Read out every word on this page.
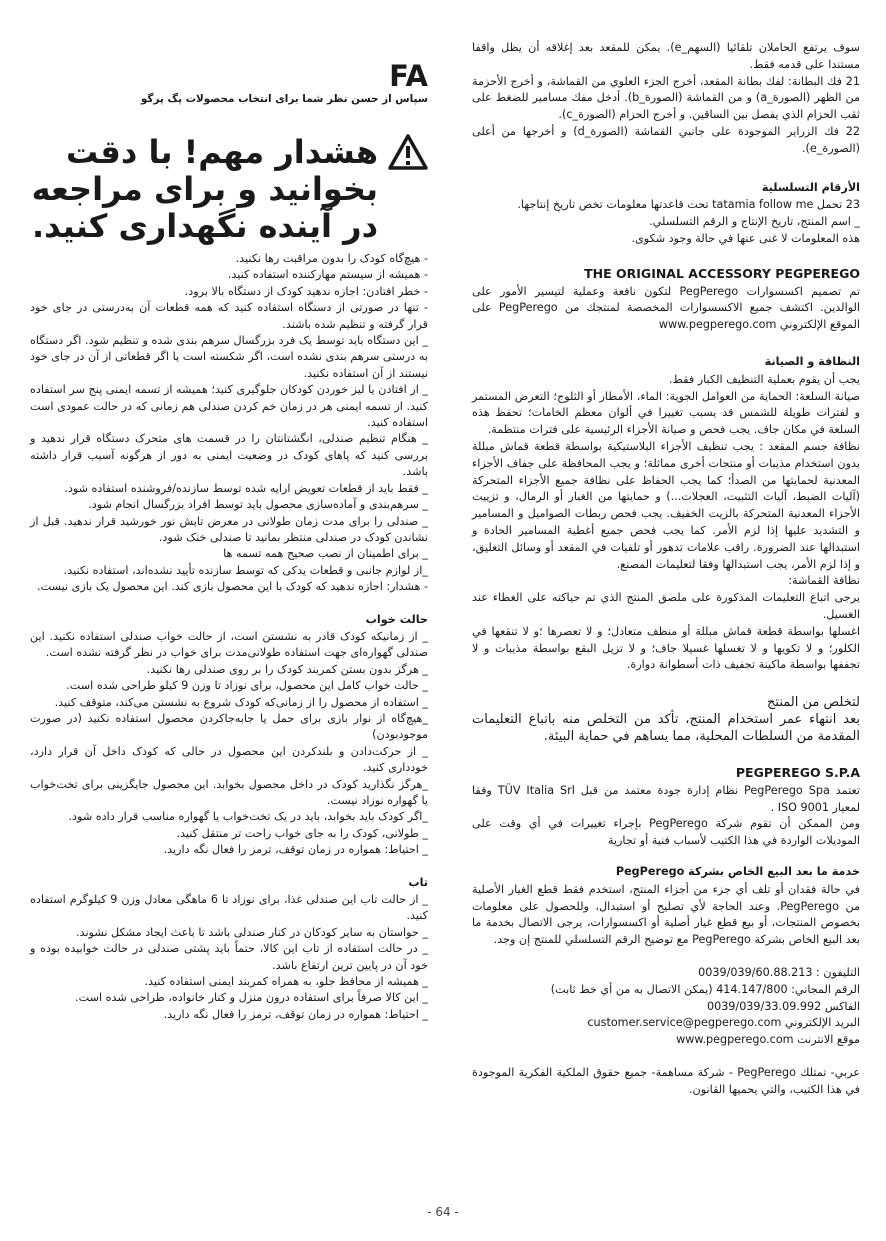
سوف يرتفع الحاملان تلقائيا (السهم_e). يمكن للمقعد بعد إغلاقه أن يظل واقفا مستندا على قدمه فقط.

21 فك البطانة: لفك بطانة المقعد، أخرج الجزء العلوي من القماشة، و أخرج الأحزمة من الظهر (الصورة_a) و من القماشة (الصورة_b). أدخل مفك مسامير للضغط على ثقب الحزام الذي يفصل بين الساقين. و أخرج الحزام (الصورة_c).

22 فك الزراير الموجودة على جانبي القماشة (الصورة_d) و أخرجها من أعلى (الصورة_e).

الأرقام التسلسلية

23 تحمل tatamia follow me تحت قاعدتها معلومات تخص تاريخ إنتاجها.

_ اسم المنتج، تاريخ الإنتاج و الرقم التسلسلي.

هذه المعلومات لا غنى عنها في حالة وجود شكوى.

THE ORIGINAL ACCESSORY PEGPEREGO

تم تصميم اكسسوارات PegPerego لتكون نافعة وعملية لتيسير الأمور على الوالدين. اكتشف جميع الاكسسوارات المخصصة لمنتجك من PegPerego على الموقع الإلكتروني www.pegperego.com

النظافة و الصيانة

يجب أن يقوم بعملية التنظيف الكبار فقط.

صيانة السلعة: الحماية من العوامل الجوية: الماء، الأمطار أو الثلوج؛ التعرض المستمر و لفترات طويلة للشمس قد يسبب تغييرا في ألوان معظم الخامات؛ تحفظ هذه السلعة في مكان جاف. يجب فحص و صيانة الأجزاء الرئيسية على فترات منتظمة.

نظافة جسم المقعد : يجب تنظيف الأجزاء البلاستيكية بواسطة قطعة قماش مبللة بدون استخدام مذيبات أو منتجات أخرى مماثلة؛ و يجب المحافظة على جفاف الأجزاء المعدنية لحمايتها من الصدأ؛ كما يجب الحفاظ على نظافة جميع الأجزاء المتحركة (آليات الضبط، آليات التثبيت، العجلات...) و حمايتها من الغبار أو الرمال، و تزييت الأجزاء المعدنية المتحركة بالزيت الخفيف. يجب فحص ربطات الصواميل و المسامير و التشديد عليها إذا لزم الأمر. كما يجب فحص جميع أغطية المسامير الحادة و استبدالها عند الضرورة. راقب علامات تدهور أو تلفيات في المقعد أو وسائل التعليق، و إذا لزم الأمر، يجب استبدالها وفقا لتعليمات المصنع.

نظافة القماشة:

يرجى اتباع التعليمات المذكورة على ملصق المنتج الذي تم حياكته على الغطاء عند الغسيل.

اغسلها بواسطة قطعة قماش مبللة أو منظف متعادل؛ و لا تعصرها ؛و لا تنقعها في الكلور؛ و لا تكويها و لا تغسلها غسيلا جاف؛ و لا تزيل البقع بواسطة مذيبات و لا تجففها بواسطة ماكينة تجفيف ذات أسطوانة دوارة.

لتخلص من المنتج

بعد انتهاء عمر استخدام المنتج، تأكد من التخلص منه باتباع التعليمات المقدمة من السلطات المحلية، مما يساهم في حماية البيئة.

PEGPEREGO S.P.A

تعتمد PegPerego Spa نظام إدارة جودة معتمد من قبل TÜV Italia Srl وفقا لمعيار ISO 9001 .

ومن الممكن أن تقوم شركة PegPerego بإجراء تغييرات في أي وقت على الموديلات الواردة في هذا الكتيب لأسباب فنية أو تجارية

خدمة ما بعد البيع الخاص بشركة PegPerego

في حالة فقدان أو تلف أي جزء من أجزاء المنتج، استخدم فقط قطع الغيار الأصلية من PegPerego. وعند الحاجة لأي تصليح أو استبدال، وللحصول على معلومات بخصوص المنتجات، أو بيع قطع غيار أصلية أو اكسسوارات، يرجى الاتصال بخدمة ما بعد البيع الخاص بشركة PegPerego مع توضيح الرقم التسلسلي للمنتج إن وجد.

التليفون : 0039/039/60.88.213

الرقم المجاني: 414.147/800 (يمكن الاتصال به من أي خط ثابت)

الفاكس 0039/039/33.09.992

البريد الإلكتروني customer.service@pegperego.com

موقع الانترنت www.pegperego.com

عربي- تمتلك PegPerego - شركة مساهمة- جميع حقوق الملكية الفكرية الموجودة في هذا الكتيب، والتي يحميها القانون.

FA
سپاس از حسن نظر شما برای انتخاب محصولات پگ پرگو
هشدار مهم! با دقت بخوانید و برای مراجعه در آینده نگهداری کنید.

- هیچ‌گاه کودک را بدون مراقبت رها نکنید.

- همیشه از سیستم مهارکننده استفاده کنید.

- خطر افتادن: اجازه ندهید کودک از دستگاه بالا برود.

- تنها در صورتی از دستگاه استفاده کنید که همه قطعات آن به‌درستی در جای خود قرار گرفته و تنظیم شده باشند.

_ این دستگاه باید توسط یک فرد بزرگسال سرهم بندی شده و تنظیم شود. اگر دستگاه به درستی سرهم بندی نشده است، اگر شکسته است یا اگر قطعاتی از آن در جای خود نیستند از آن استفاده نکنید.

_ از افتادن یا لیز خوردن کودکان جلوگیری کنید؛ همیشه از تسمه ایمنی پنج سر استفاده کنید. از تسمه ایمنی هر در زمان خم کردن صندلی هم زمانی که در حالت عمودی است استفاده کنید.

_ هنگام تنظیم صندلی، انگشتانتان را در قسمت های متحرک دستگاه قرار ندهید و بررسی کنید که پاهای کودک در وضعیت ایمنی به دور از هرگونه آسیب قرار داشته باشد.

_ فقط باید از قطعات تعویض ارایه شده توسط سازنده/فروشنده استفاده شود.

_ سرهم‌بندی و آماده‌سازی محصول باید توسط افراد بزرگسال انجام شود.

_ صندلی را برای مدت زمان طولانی در معرض تابش نور خورشید قرار ندهید. قبل از نشاندن کودک در صندلی منتظر بمانید تا صندلی خنک شود.

_ برای اطمینان از نصب صحیح همه تسمه ها

_از لوازم جانبی و قطعات یدکی که توسط سازنده تأیید نشده‌اند، استفاده نکنید.

- هشدار: اجازه ندهید که کودک با این محصول بازی کند. این محصول یک بازی نیست.

حالت خواب

_ از زمانیکه کودک قادر به نشستن است، از حالت خواب صندلی استفاده نکنید. این صندلی گهواره‌ای جهت استفاده طولانی‌مدت برای خواب در نظر گرفته نشده است.

_ هرگز بدون بستن کمربند کودک را بر روی صندلی رها نکنید.

_ حالت خواب کامل این محصول، برای نوزاد تا وزن 9 کیلو طراحی شده است.

_ استفاده از محصول را از زمانی‌که کودک شروع به نشستن می‌کند، متوقف کنید.

_هیچ‌گاه از نوار بازی برای حمل یا جابه‌جاکردن محصول استفاده نکنید (در صورت موجودبودن)

_ از حرکت‌دادن و بلندکردن این محصول در حالی که کودک داخل آن قرار دارد، خودداری کنید.

_هرگز نگذارید کودک در داخل محصول بخوابد. این محصول جایگزینی برای تخت‌خواب یا گهواره نوزاد نیست.

_اگر کودک باید بخوابد، باید در یک تخت‌خواب یا گهواره مناسب قرار داده شود.

_ طولانی، کودک را به جای خواب راحت تر منتقل کنید.

_ احتیاط: همواره در زمان توقف، ترمز را فعال نگه دارید.

تاب

_ از حالت تاب این صندلی غذا، برای نوزاد تا 6 ماهگی معادل وزن 9 کیلوگرم استفاده کنید.

_ حواستان به سایر کودکان در کنار صندلی باشد تا باعث ایجاد مشکل نشوند.

_ در حالت استفاده از تاب این کالا، حتماً باید پشتی صندلی در حالت خوابیده بوده و خود آن در پایین ترین ارتفاع باشد.

_ همیشه از محافظ جلو، به همراه کمربند ایمنی استفاده کنید.

_ این کالا صرفاً برای استفاده درون منزل و کنار خانواده، طراحی شده است.

_ احتیاط: همواره در زمان توقف، ترمز را فعال نگه دارید.

- 64 -
